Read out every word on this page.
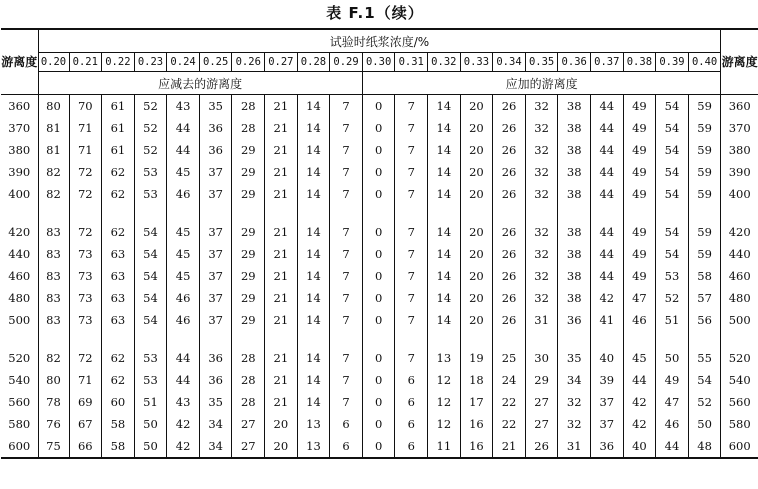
表 F.1（续）
游离度	试验时纸浆浓度/%																					游离度
	0.20	0.21	0.22	0.23	0.24	0.25	0.26	0.27	0.28	0.29	0.30	0.31	0.32	0.33	0.34	0.35	0.36	0.37	0.38	0.39	0.40	
	应减去的游离度										应加的游离度											
360	80	70	61	52	43	35	28	21	14	7	0	7	14	20	26	32	38	44	49	54	59	360
370	81	71	61	52	44	36	28	21	14	7	0	7	14	20	26	32	38	44	49	54	59	370
380	81	71	61	52	44	36	29	21	14	7	0	7	14	20	26	32	38	44	49	54	59	380
390	82	72	62	53	45	37	29	21	14	7	0	7	14	20	26	32	38	44	49	54	59	390
400	82	72	62	53	46	37	29	21	14	7	0	7	14	20	26	32	38	44	49	54	59	400

420	83	72	62	54	45	37	29	21	14	7	0	7	14	20	26	32	38	44	49	54	59	420
440	83	73	63	54	45	37	29	21	14	7	0	7	14	20	26	32	38	44	49	54	59	440
460	83	73	63	54	45	37	29	21	14	7	0	7	14	20	26	32	38	44	49	53	58	460
480	83	73	63	54	46	37	29	21	14	7	0	7	14	20	26	32	38	42	47	52	57	480
500	83	73	63	54	46	37	29	21	14	7	0	7	14	20	26	31	36	41	46	51	56	500

520	82	72	62	53	44	36	28	21	14	7	0	7	13	19	25	30	35	40	45	50	55	520
540	80	71	62	53	44	36	28	21	14	7	0	6	12	18	24	29	34	39	44	49	54	540
560	78	69	60	51	43	35	28	21	14	7	0	6	12	17	22	27	32	37	42	47	52	560
580	76	67	58	50	42	34	27	20	13	6	0	6	12	16	22	27	32	37	42	46	50	580
600	75	66	58	50	42	34	27	20	13	6	0	6	11	16	21	26	31	36	40	44	48	600
